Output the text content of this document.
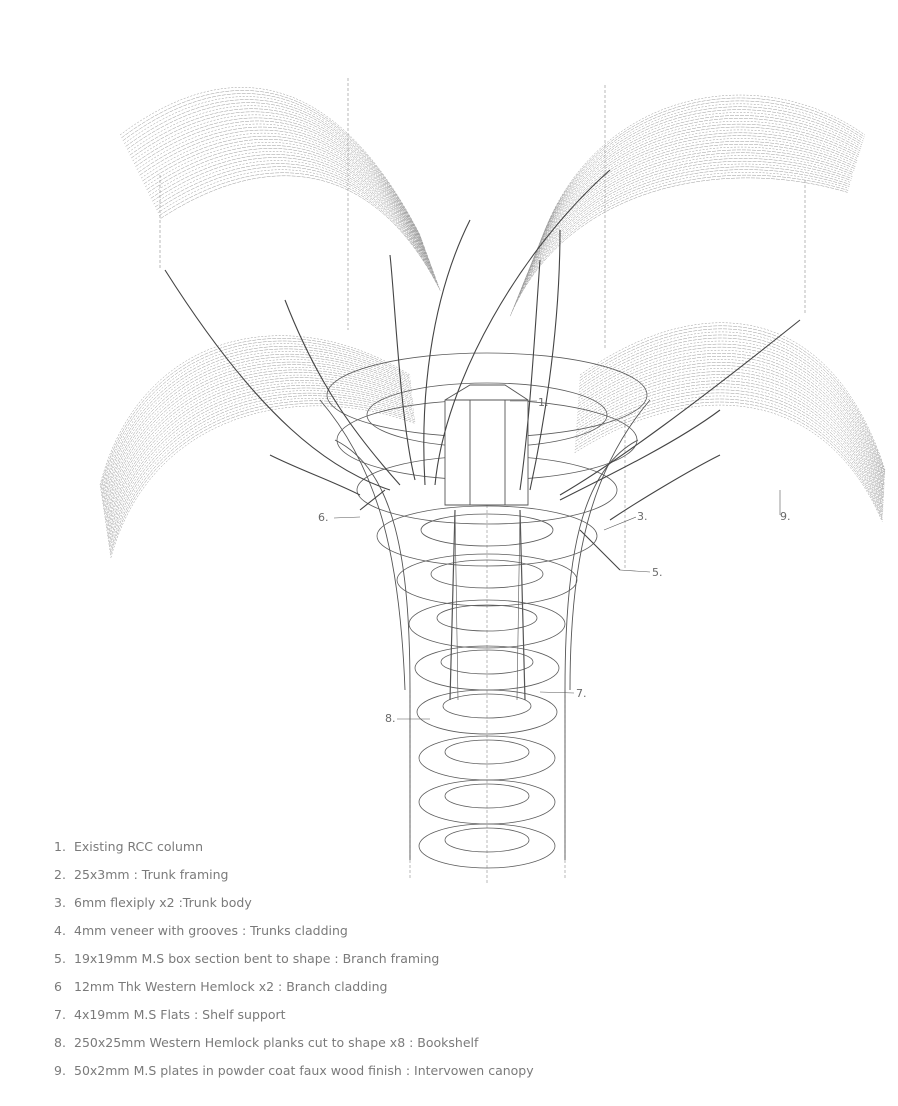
1.
3.
5.
6.
7.
8.
9.
1. Existing RCC column
2. 25x3mm : Trunk framing
3. 6mm flexiply x2 :Trunk body
4. 4mm veneer with grooves : Trunks cladding
5. 19x19mm M.S box section bent to shape : Branch framing
6 12mm Thk Western Hemlock x2 : Branch cladding
7. 4x19mm M.S Flats : Shelf support
8. 250x25mm Western Hemlock planks cut to shape x8 : Bookshelf
9. 50x2mm M.S plates in powder coat faux wood finish : Intervowen canopy
